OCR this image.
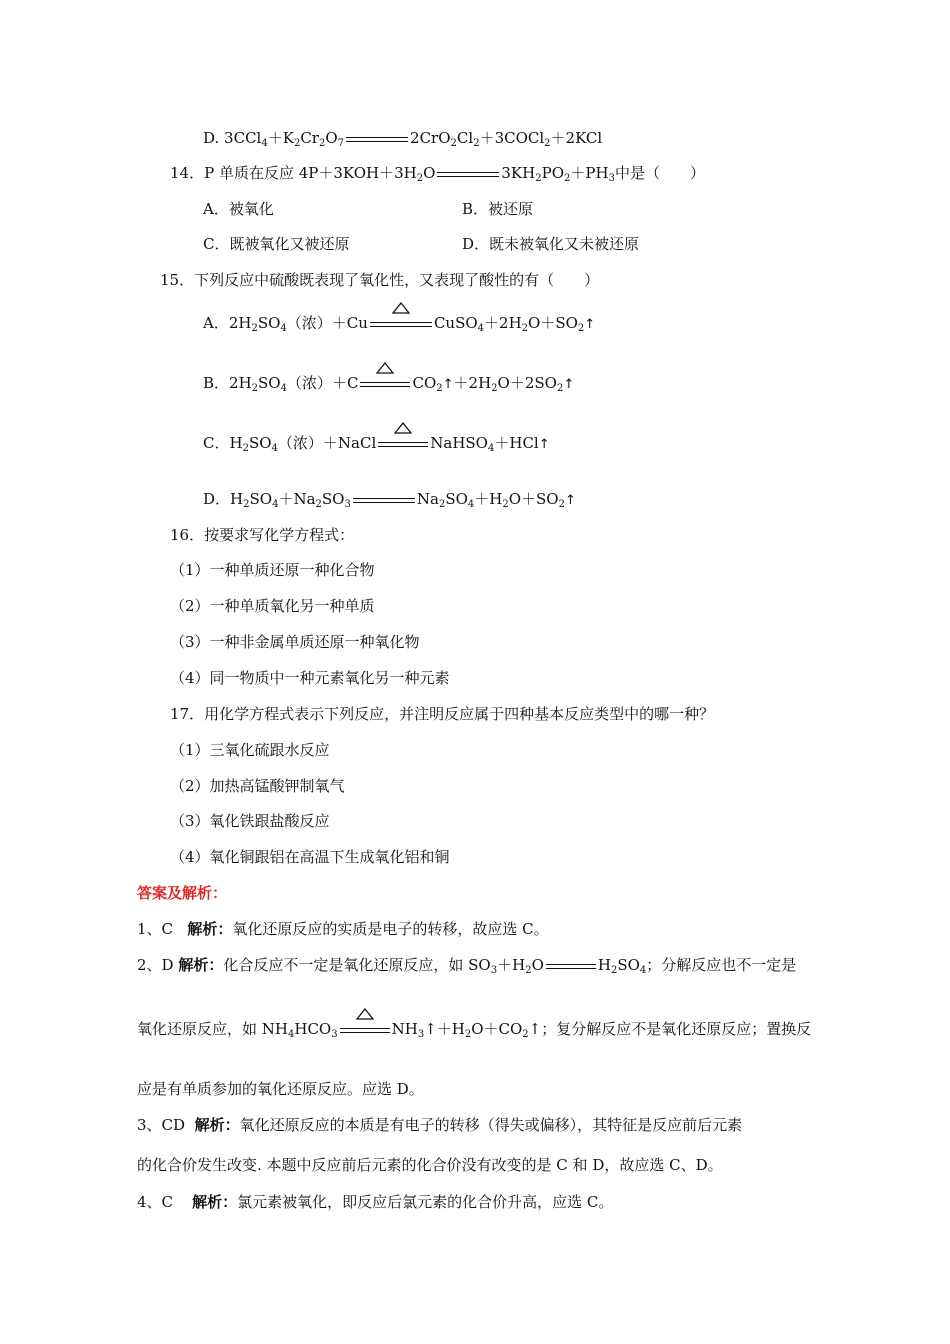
D. $3CCl_4+K_2Cr_2O_7$	$2CrO_2Cl_2+3COCl_2+2KCl$
14．P 单质在反应 $4P+3KOH+3H_2O$	$3KH_2PO_2+PH_3$中是（　　）
A．被氧化	B．被还原
C．既被氧化又被还原	D．既未被氧化又未被还原
15．下列反应中硫酸既表现了氧化性，又表现了酸性的有（　　）
A．$2H_2SO_4$（浓）＋Cu	$CuSO_4+2H_2O+SO_2↑$
B．$2H_2SO_4$（浓）＋C	$CO_2↑+2H_2O+2SO_2↑$
C．$H_2SO_4$（浓）＋NaCl	NaHSO$_4$＋HCl↑
D．$H_2SO_4+Na_2SO_3$	$Na_2SO_4+H_2O+SO_2↑$
16．按要求写化学方程式：
（1）一种单质还原一种化合物
（2）一种单质氧化另一种单质
（3）一种非金属单质还原一种氧化物
（4）同一物质中一种元素氧化另一种元素
17．用化学方程式表示下列反应，并注明反应属于四种基本反应类型中的哪一种？
（1）三氧化硫跟水反应
（2）加热高锰酸钾制氧气
（3）氧化铁跟盐酸反应
（4）氧化铜跟铝在高温下生成氧化铝和铜
答案及解析：
1、C 解析：氧化还原反应的实质是电子的转移，故应选 C。
2、D 解析：化合反应不一定是氧化还原反应，如 $SO_3+H_2O$	$H_2SO_4$；分解反应也不一定是
氧化还原反应，如 $NH_4HCO_3$	$NH_3↑+H_2O+CO_2↑$；复分解反应不是氧化还原反应；置换反
应是有单质参加的氧化还原反应。应选 D。
3、CD 解析：氧化还原反应的本质是有电子的转移（得失或偏移），其特征是反应前后元素
的化合价发生改变. 本题中反应前后元素的化合价没有改变的是 C 和 D，故应选 C、D。
4、C 解析：氯元素被氧化，即反应后氯元素的化合价升高，应选 C。
